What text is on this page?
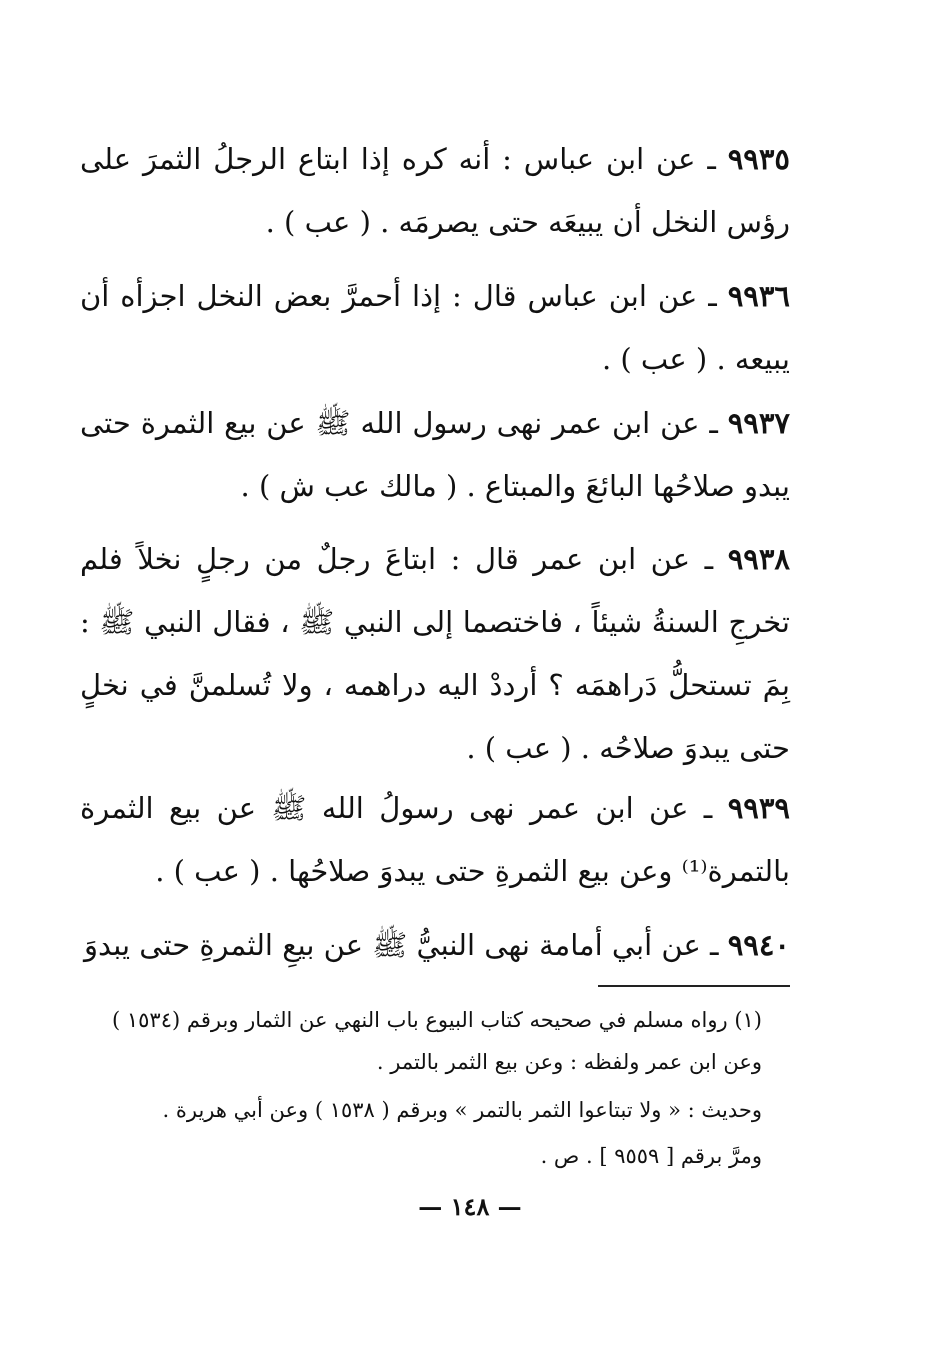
٩٩٣٥ ـ عن ابن عباس : أنه كره إذا ابتاع الرجلُ الثمرَ على رؤس النخل أن يبيعَه حتى يصرمَه . ( عب ) .
٩٩٣٦ ـ عن ابن عباس قال : إذا أحمرَّ بعض النخل اجزأه أن يبيعه . ( عب ) .
٩٩٣٧ ـ عن ابن عمر نهى رسول الله ﷺ عن بيع الثمرة حتى يبدو صلاحُها البائعَ والمبتاع . ( مالك عب ش ) .
٩٩٣٨ ـ عن ابن عمر قال : ابتاعَ رجلٌ من رجلٍ نخلاً فلم تخرجِ السنةُ شيئاً ، فاختصما إلى النبي ﷺ ، فقال النبي ﷺ : بِمَ تستحلُّ دَراهمَه ؟ أرددْ اليه دراهمه ، ولا تُسلمنَّ في نخلٍ حتى يبدوَ صلاحُه . ( عب ) .
٩٩٣٩ ـ عن ابن عمر نهى رسولُ الله ﷺ عن بيع الثمرة بالتمرة⁽¹⁾ وعن بيع الثمرةِ حتى يبدوَ صلاحُها . ( عب ) .
٩٩٤٠ ـ عن أبي أمامة نهى النبيُّ ﷺ عن بيعِ الثمرةِ حتى يبدوَ
(١) رواه مسلم في صحيحه كتاب البيوع باب النهي عن الثمار وبرقم (١٥٣٤ )
وعن ابن عمر ولفظه : وعن بيع الثمر بالتمر .
وحديث : « ولا تبتاعوا الثمر بالتمر » وبرقم ( ١٥٣٨ ) وعن أبي هريرة .
ومرَّ برقم [ ٩٥٥٩ ] . ص .
— ١٤٨ —
